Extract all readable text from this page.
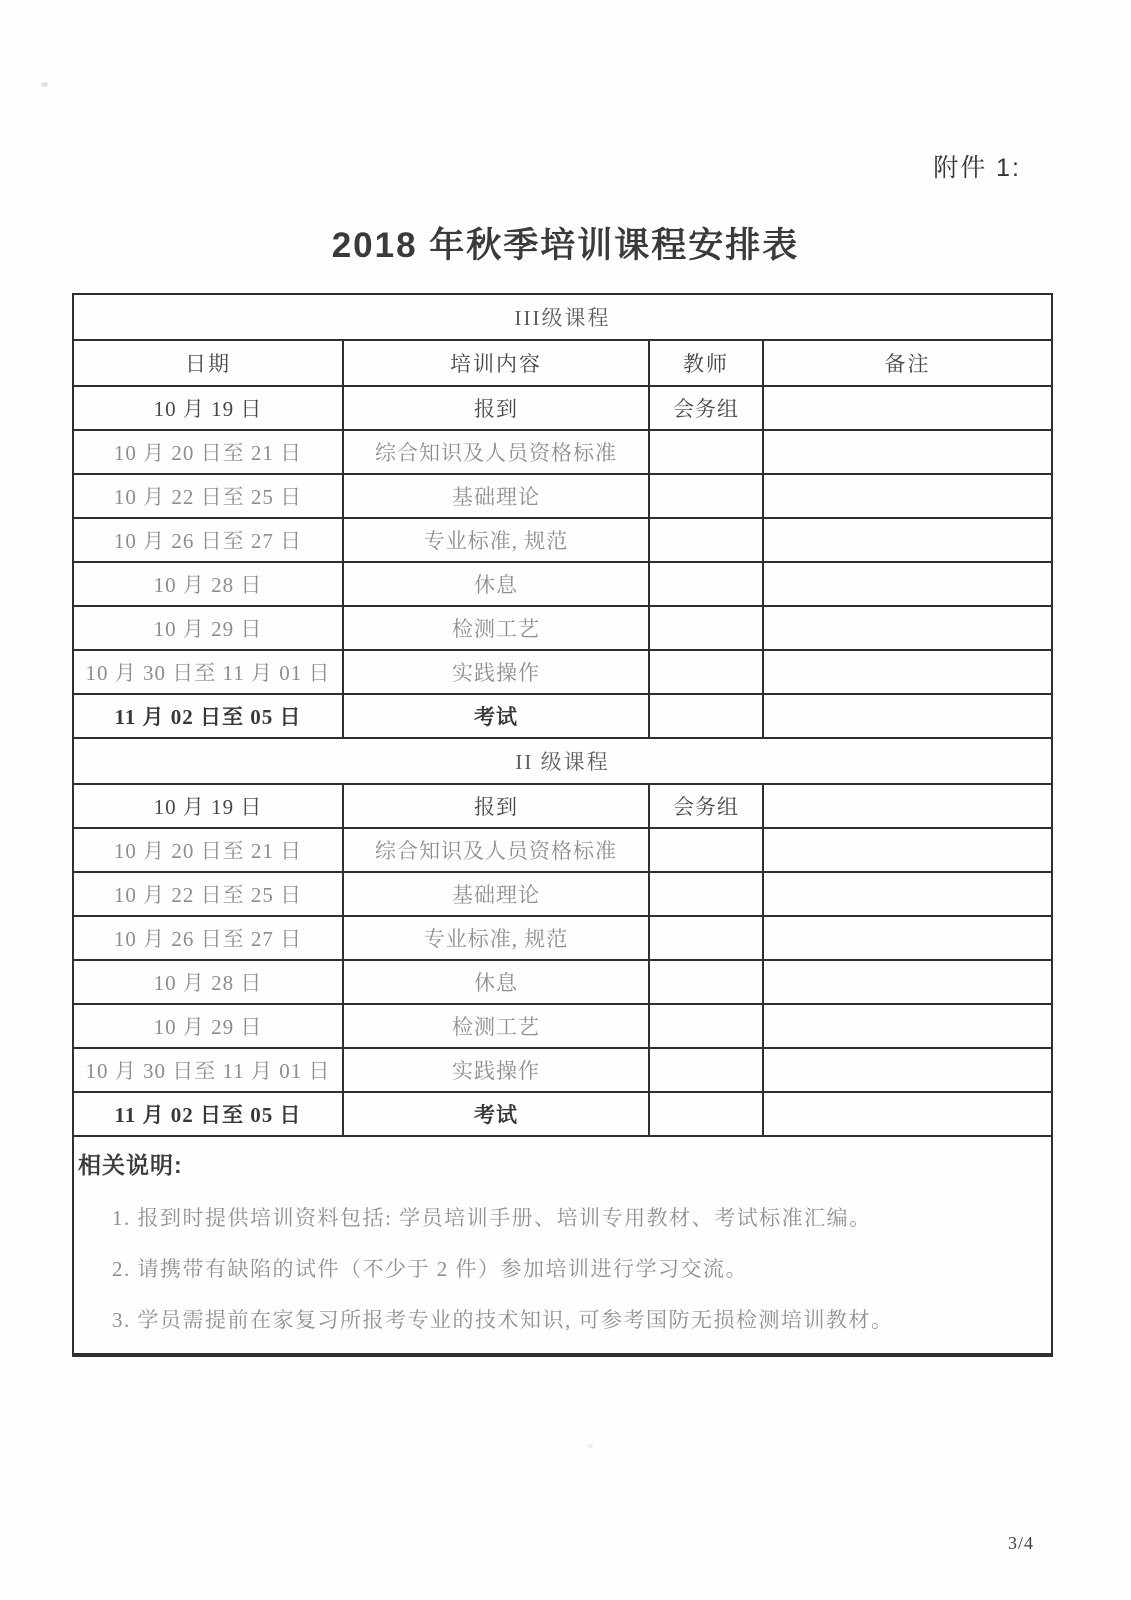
附件 1:
2018 年秋季培训课程安排表
III级课程			
日期	培训内容	教师	备注
10 月 19 日	报到	会务组	
10 月 20 日至 21 日	综合知识及人员资格标准		
10 月 22 日至 25 日	基础理论		
10 月 26 日至 27 日	专业标准, 规范		
10 月 28 日	休息		
10 月 29 日	检测工艺		
10 月 30 日至 11 月 01 日	实践操作		
11 月 02 日至 05 日	考试		
II 级课程			
10 月 19 日	报到	会务组	
10 月 20 日至 21 日	综合知识及人员资格标准		
10 月 22 日至 25 日	基础理论		
10 月 26 日至 27 日	专业标准, 规范		
10 月 28 日	休息		
10 月 29 日	检测工艺		
10 月 30 日至 11 月 01 日	实践操作		
11 月 02 日至 05 日	考试		

相关说明:
1. 报到时提供培训资料包括: 学员培训手册、培训专用教材、考试标准汇编。
2. 请携带有缺陷的试件（不少于 2 件）参加培训进行学习交流。
3. 学员需提前在家复习所报考专业的技术知识, 可参考国防无损检测培训教材。			
3/4
